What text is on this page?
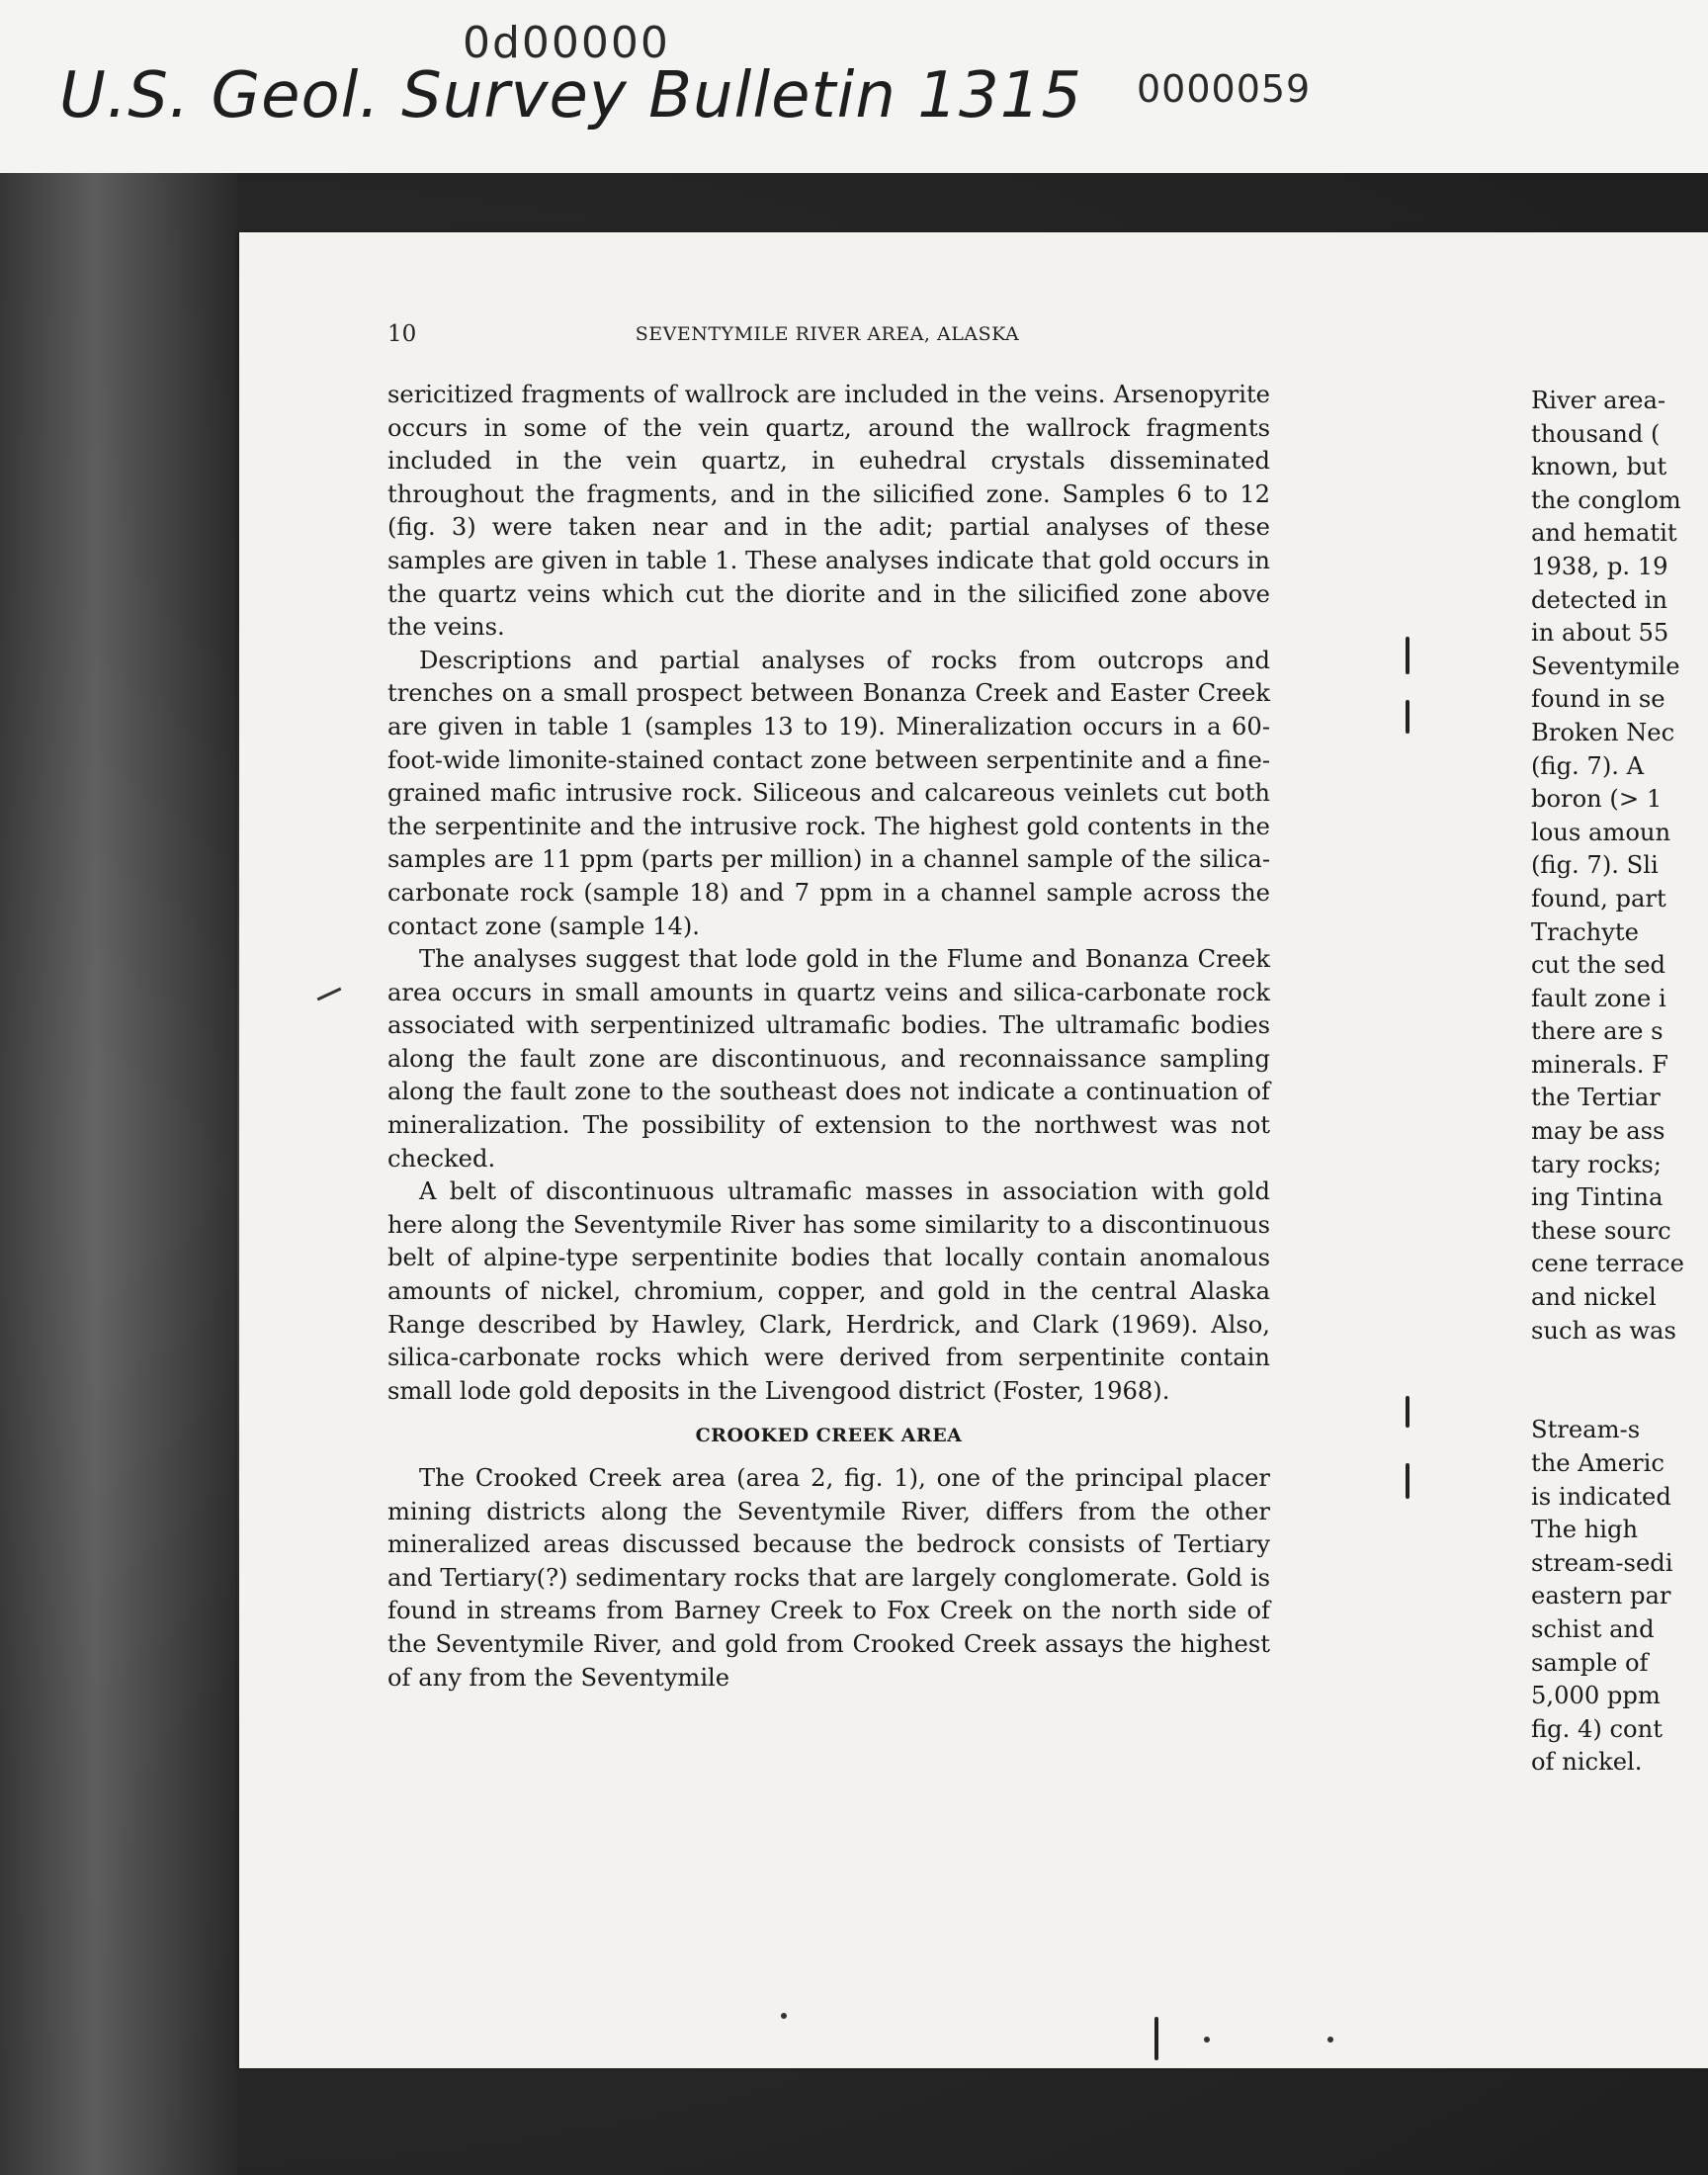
0d00000
U.S. Geol. Survey Bulletin 1315 0000059
10	SEVENTYMILE RIVER AREA, ALASKA

sericitized fragments of wallrock are included in the veins. Arsenopyrite occurs in some of the vein quartz, around the wallrock fragments included in the vein quartz, in euhedral crystals disseminated throughout the fragments, and in the silicified zone. Samples 6 to 12 (fig. 3) were taken near and in the adit; partial analyses of these samples are given in table 1. These analyses indicate that gold occurs in the quartz veins which cut the diorite and in the silicified zone above the veins.

Descriptions and partial analyses of rocks from outcrops and trenches on a small prospect between Bonanza Creek and Easter Creek are given in table 1 (samples 13 to 19). Mineralization occurs in a 60-foot-wide limonite-stained contact zone between serpentinite and a fine-grained mafic intrusive rock. Siliceous and calcareous veinlets cut both the serpentinite and the intrusive rock. The highest gold contents in the samples are 11 ppm (parts per million) in a channel sample of the silica-carbonate rock (sample 18) and 7 ppm in a channel sample across the contact zone (sample 14).

The analyses suggest that lode gold in the Flume and Bonanza Creek area occurs in small amounts in quartz veins and silica-carbonate rock associated with serpentinized ultramafic bodies. The ultramafic bodies along the fault zone are discontinuous, and reconnaissance sampling along the fault zone to the southeast does not indicate a continuation of mineralization. The possibility of extension to the northwest was not checked.

A belt of discontinuous ultramafic masses in association with gold here along the Seventymile River has some similarity to a discontinuous belt of alpine-type serpentinite bodies that locally contain anomalous amounts of nickel, chromium, copper, and gold in the central Alaska Range described by Hawley, Clark, Herdrick, and Clark (1969). Also, silica-carbonate rocks which were derived from serpentinite contain small lode gold deposits in the Livengood district (Foster, 1968).

CROOKED CREEK AREA

The Crooked Creek area (area 2, fig. 1), one of the principal placer mining districts along the Seventymile River, differs from the other mineralized areas discussed because the bedrock consists of Tertiary and Tertiary(?) sedimentary rocks that are largely conglomerate. Gold is found in streams from Barney Creek to Fox Creek on the north side of the Seventymile River, and gold from Crooked Creek assays the highest of any from the Seventymile

River area-
thousand (
known, but
the conglom
and hematit
1938, p. 19
detected in
in about 55
Seventymile
found in se
Broken Nec
(fig. 7). A
boron (> 1
lous amoun
(fig. 7). Sli
found, part
Trachyte
cut the sed
fault zone i
there are s
minerals. F
the Tertiar
may be ass
tary rocks;
ing Tintina
these sourc
cene terrace
and nickel
such as was
Stream-s
the Americ
is indicated
The high
stream-sedi
eastern par
schist and
sample of
5,000 ppm
fig. 4) cont
of nickel.
